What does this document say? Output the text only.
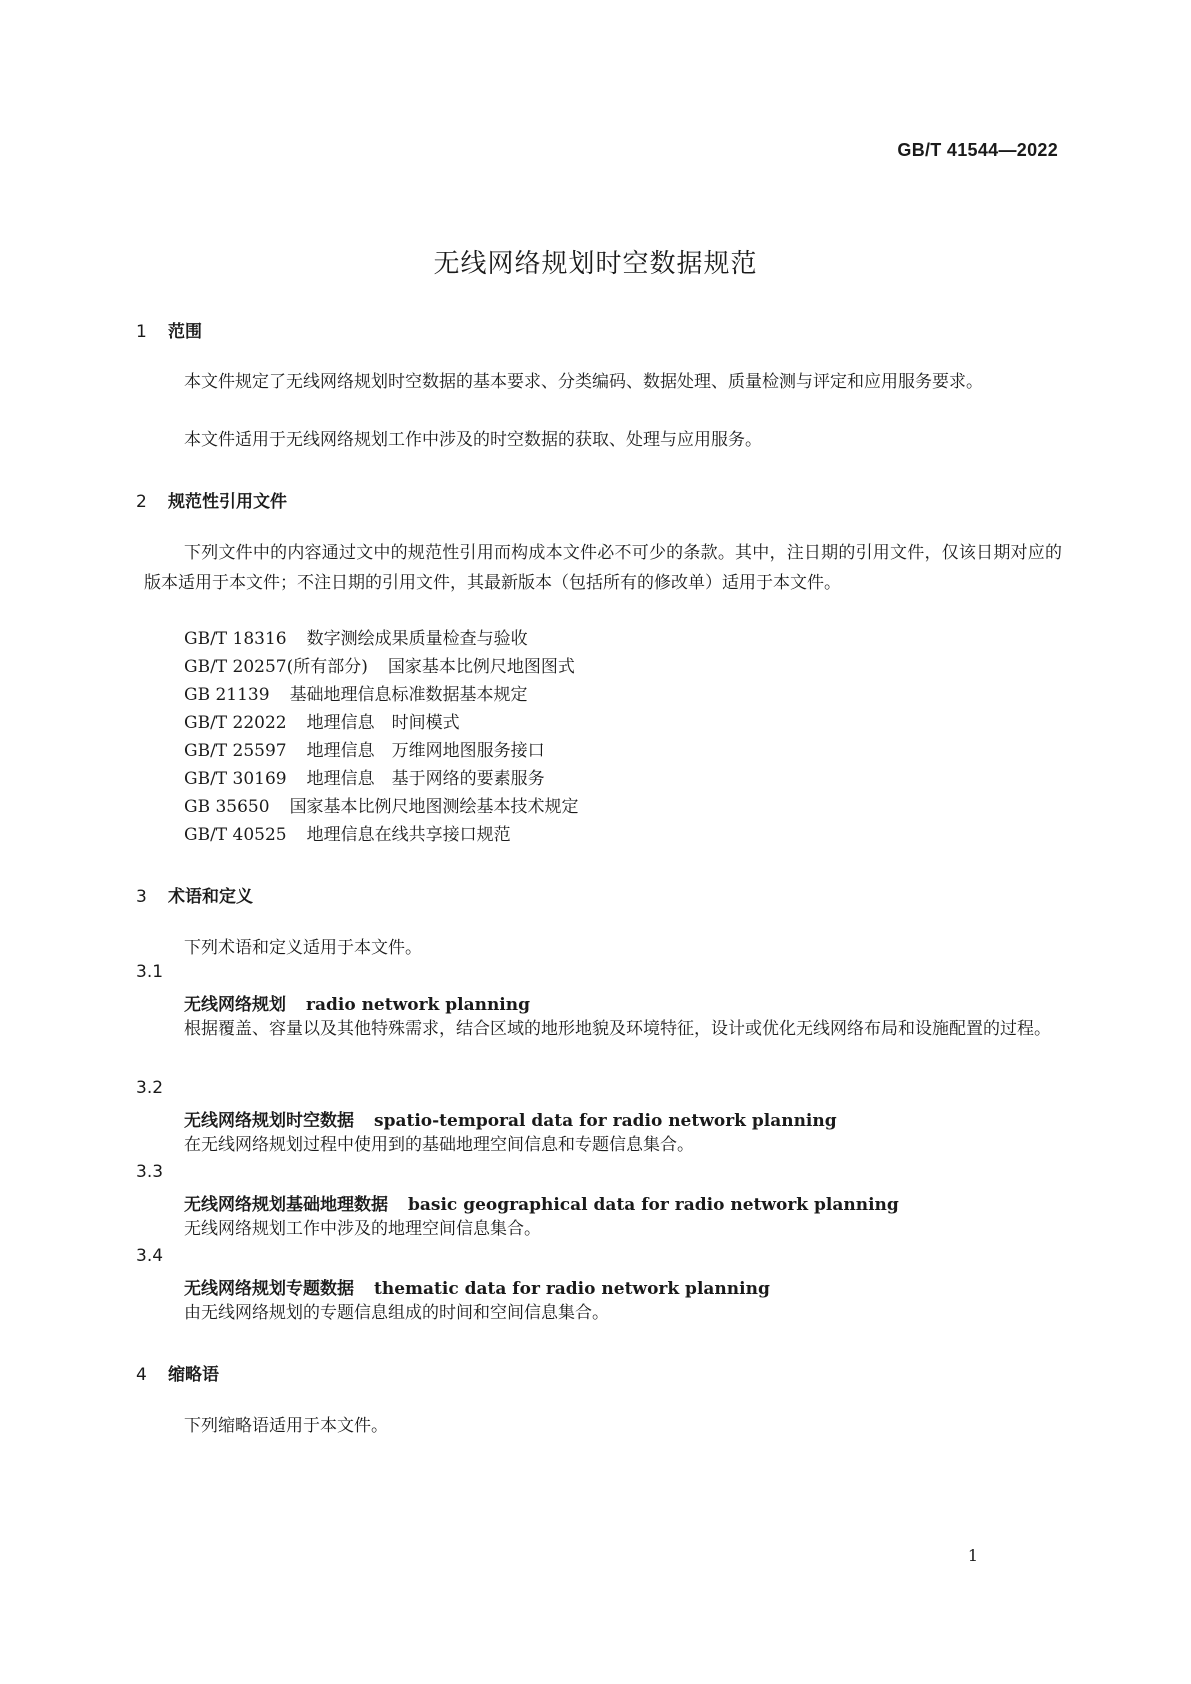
GB/T 41544—2022
无线网络规划时空数据规范
1 范围
本文件规定了无线网络规划时空数据的基本要求、分类编码、数据处理、质量检测与评定和应用服务要求。
本文件适用于无线网络规划工作中涉及的时空数据的获取、处理与应用服务。
2 规范性引用文件
下列文件中的内容通过文中的规范性引用而构成本文件必不可少的条款。其中，注日期的引用文件，仅该日期对应的版本适用于本文件；不注日期的引用文件，其最新版本（包括所有的修改单）适用于本文件。
GB/T 18316 数字测绘成果质量检查与验收
GB/T 20257(所有部分) 国家基本比例尺地图图式
GB 21139 基础地理信息标准数据基本规定
GB/T 22022 地理信息　时间模式
GB/T 25597 地理信息　万维网地图服务接口
GB/T 30169 地理信息　基于网络的要素服务
GB 35650 国家基本比例尺地图测绘基本技术规定
GB/T 40525 地理信息在线共享接口规范
3 术语和定义
下列术语和定义适用于本文件。
3.1
无线网络规划 radio network planning
根据覆盖、容量以及其他特殊需求，结合区域的地形地貌及环境特征，设计或优化无线网络布局和设施配置的过程。
3.2
无线网络规划时空数据 spatio-temporal data for radio network planning
在无线网络规划过程中使用到的基础地理空间信息和专题信息集合。
3.3
无线网络规划基础地理数据 basic geographical data for radio network planning
无线网络规划工作中涉及的地理空间信息集合。
3.4
无线网络规划专题数据 thematic data for radio network planning
由无线网络规划的专题信息组成的时间和空间信息集合。
4 缩略语
下列缩略语适用于本文件。
1
